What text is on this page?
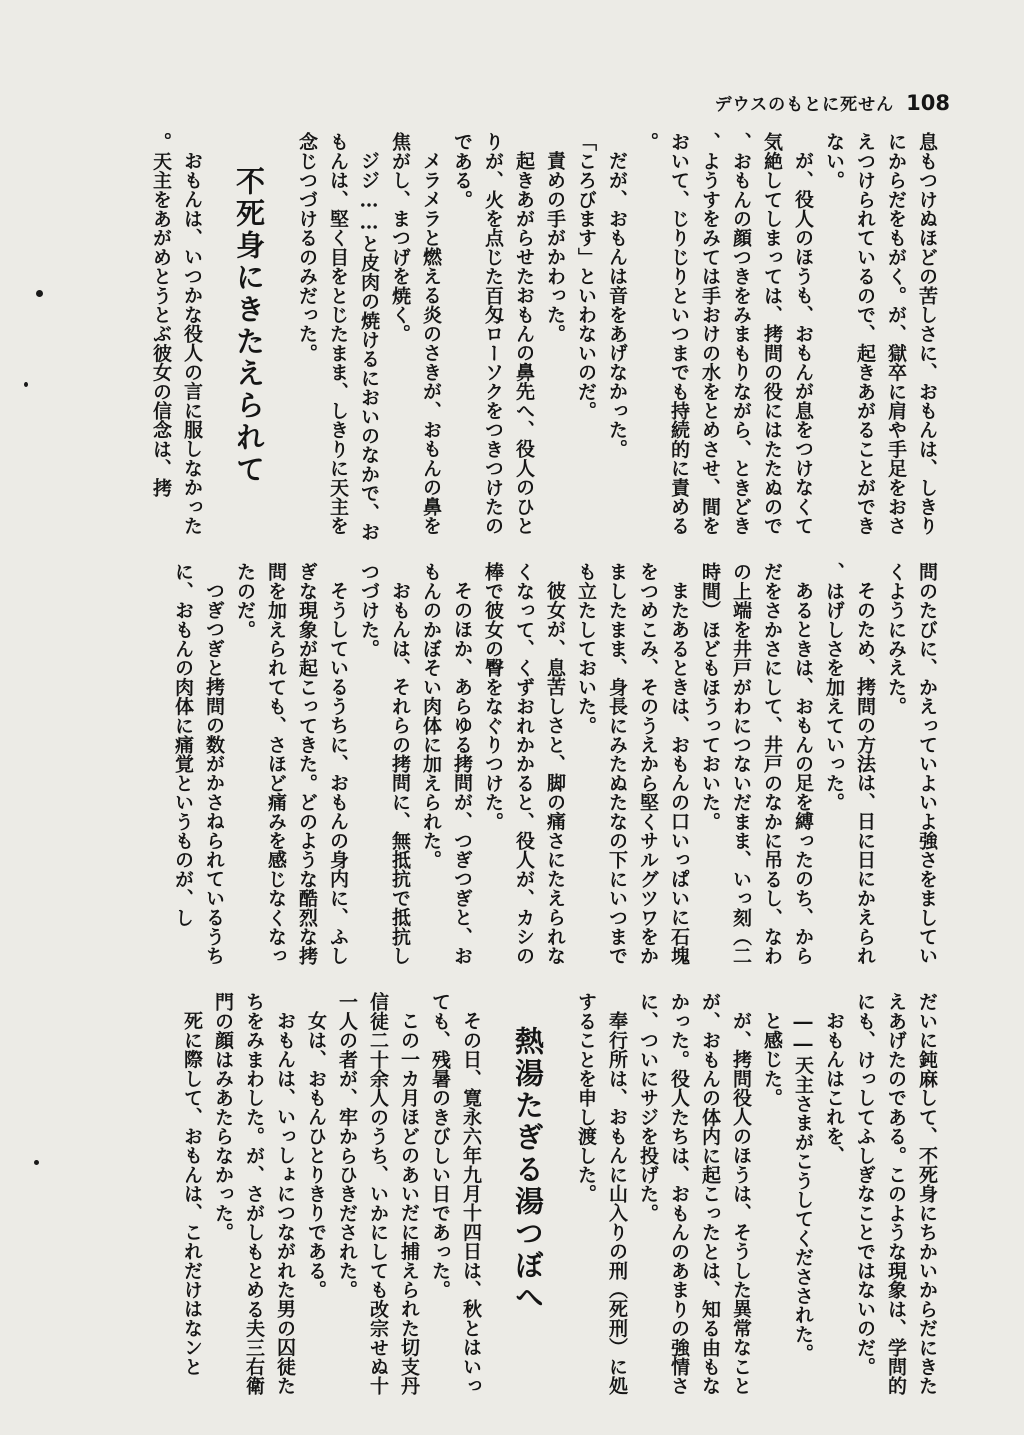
デウスのもとに死せん 108

息もつけぬほどの苦しさに、おもんは、しきりにからだをもがく。が、獄卒に肩や手足をおさえつけられているので、起きあがることができない。

が、役人のほうも、おもんが息をつけなくて気絶してしまっては、拷問の役にはたたぬので、おもんの顔つきをみまもりながら、ときどき、ようすをみては手おけの水をとめさせ、間をおいて、じりじりといつまでも持続的に責める。

だが、おもんは音をあげなかった。

「ころびます」といわないのだ。

責めの手がかわった。

起きあがらせたおもんの鼻先へ、役人のひとりが、火を点じた百匁ローソクをつきつけたのである。

メラメラと燃える炎のさきが、おもんの鼻を焦がし、まつげを焼く。

ジジ……と皮肉の焼けるにおいのなかで、おもんは、堅く目をとじたまま、しきりに天主を念じつづけるのみだった。

不死身にきたえられて

おもんは、いつかな役人の言に服しなかった。天主をあがめとうとぶ彼女の信念は、拷

問のたびに、かえっていよいよ強さをましていくようにみえた。

そのため、拷問の方法は、日に日にかえられ、はげしさを加えていった。

あるときは、おもんの足を縛ったのち、からだをさかさにして、井戸のなかに吊るし、なわの上端を井戸がわにつないだまま、いっ刻（二時間）ほどもほうっておいた。

またあるときは、おもんの口いっぱいに石塊をつめこみ、そのうえから堅くサルグツワをかましたまま、身長にみたぬたなの下にいつまでも立たしておいた。

彼女が、息苦しさと、脚の痛さにたえられなくなって、くずおれかかると、役人が、カシの棒で彼女の臀をなぐりつけた。

そのほか、あらゆる拷問が、つぎつぎと、おもんのかぼそい肉体に加えられた。

おもんは、それらの拷問に、無抵抗で抵抗しつづけた。

そうしているうちに、おもんの身内に、ふしぎな現象が起こってきた。どのような酷烈な拷問を加えられても、さほど痛みを感じなくなったのだ。

つぎつぎと拷問の数がかさねられているうちに、おもんの肉体に痛覚というものが、し

だいに鈍麻して、不死身にちかいからだにきたえあげたのである。このような現象は、学問的にも、けっしてふしぎなことではないのだ。

おもんはこれを、

――天主さまがこうしてくださされた。

と感じた。

が、拷問役人のほうは、そうした異常なことが、おもんの体内に起こったとは、知る由もなかった。役人たちは、おもんのあまりの強情さに、ついにサジを投げた。

奉行所は、おもんに山入りの刑（死刑）に処することを申し渡した。

熱湯たぎる湯つぼへ

その日、寛永六年九月十四日は、秋とはいっても、残暑のきびしい日であった。

この一カ月ほどのあいだに捕えられた切支丹信徒二十余人のうち、いかにしても改宗せぬ十一人の者が、牢からひきだされた。

女は、おもんひとりきりである。

おもんは、いっしょにつながれた男の囚徒たちをみまわした。が、さがしもとめる夫三右衛門の顔はみあたらなかった。

死に際して、おもんは、これだけはなンと
